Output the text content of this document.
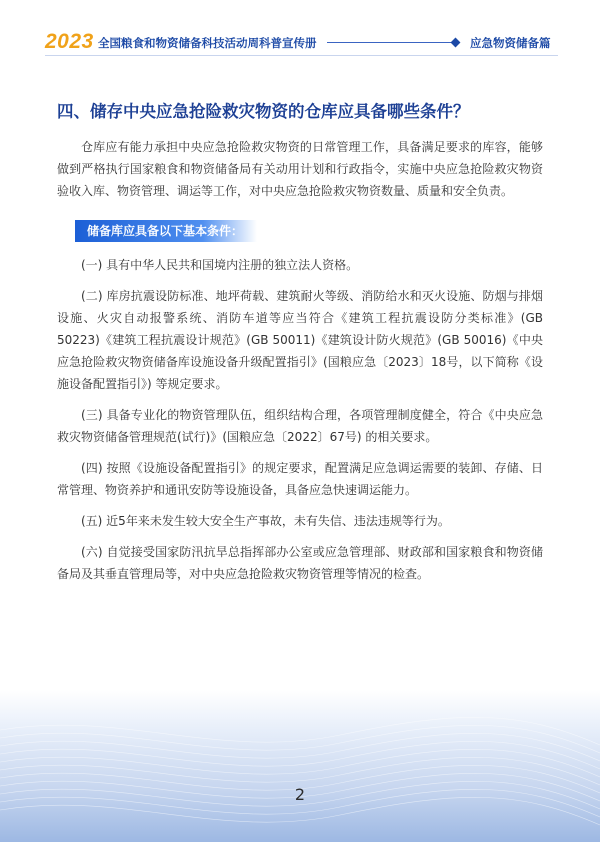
2023 全国粮食和物资储备科技活动周科普宣传册	应急物资储备篇
四、储存中央应急抢险救灾物资的仓库应具备哪些条件？

仓库应有能力承担中央应急抢险救灾物资的日常管理工作，具备满足要求的库容，能够做到严格执行国家粮食和物资储备局有关动用计划和行政指令，实施中央应急抢险救灾物资验收入库、物资管理、调运等工作，对中央应急抢险救灾物资数量、质量和安全负责。

储备库应具备以下基本条件：

(一) 具有中华人民共和国境内注册的独立法人资格。

(二) 库房抗震设防标准、地坪荷载、建筑耐火等级、消防给水和灭火设施、防烟与排烟设施、火灾自动报警系统、消防车道等应当符合《建筑工程抗震设防分类标准》(GB 50223)《建筑工程抗震设计规范》(GB 50011)《建筑设计防火规范》(GB 50016)《中央应急抢险救灾物资储备库设施设备升级配置指引》(国粮应急〔2023〕18号，以下简称《设施设备配置指引》) 等规定要求。

(三) 具备专业化的物资管理队伍，组织结构合理，各项管理制度健全，符合《中央应急救灾物资储备管理规范(试行)》(国粮应急〔2022〕67号) 的相关要求。

(四) 按照《设施设备配置指引》的规定要求，配置满足应急调运需要的装卸、存储、日常管理、物资养护和通讯安防等设施设备，具备应急快速调运能力。

(五) 近5年来未发生较大安全生产事故，未有失信、违法违规等行为。

(六) 自觉接受国家防汛抗旱总指挥部办公室或应急管理部、财政部和国家粮食和物资储备局及其垂直管理局等，对中央应急抢险救灾物资管理等情况的检查。

2
